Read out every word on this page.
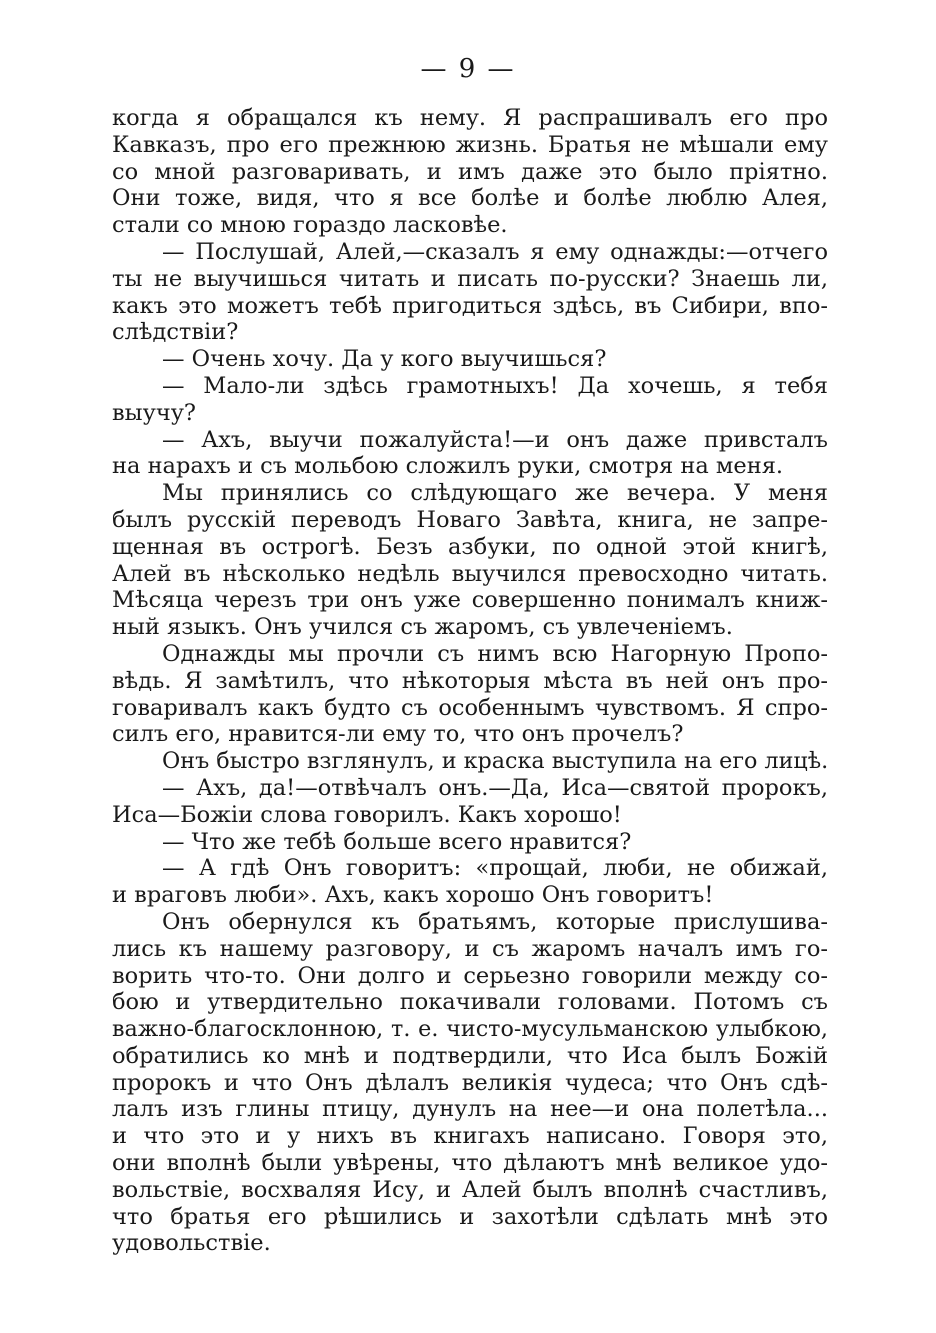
— 9 —
когда я обращался къ нему. Я распрашивалъ его про
Кавказъ, про его прежнюю жизнь. Братья не мѣшали ему
со мной разговаривать, и имъ даже это было пріятно.
Они тоже, видя, что я все болѣе и болѣе люблю Алея,
стали со мною гораздо ласковѣе.
— Послушай, Алей,—сказалъ я ему однажды:—отчего
ты не выучишься читать и писать по-русски? Знаешь ли,
какъ это можетъ тебѣ пригодиться здѣсь, въ Сибири, впо-
слѣдствіи?
— Очень хочу. Да у кого выучишься?
— Мало-ли здѣсь грамотныхъ! Да хочешь, я тебя
выучу?
— Ахъ, выучи пожалуйста!—и онъ даже привсталъ
на нарахъ и съ мольбою сложилъ руки, смотря на меня.
Мы принялись со слѣдующаго же вечера. У меня
былъ русскій переводъ Новаго Завѣта, книга, не запре-
щенная въ острогѣ. Безъ азбуки, по одной этой книгѣ,
Алей въ нѣсколько недѣль выучился превосходно читать.
Мѣсяца черезъ три онъ уже совершенно понималъ книж-
ный языкъ. Онъ учился съ жаромъ, съ увлеченіемъ.
Однажды мы прочли съ нимъ всю Нагорную Пропо-
вѣдь. Я замѣтилъ, что нѣкоторыя мѣста въ ней онъ про-
говаривалъ какъ будто съ особеннымъ чувствомъ. Я спро-
силъ его, нравится-ли ему то, что онъ прочелъ?
Онъ быстро взглянулъ, и краска выступила на его лицѣ.
— Ахъ, да!—отвѣчалъ онъ.—Да, Иса—святой пророкъ,
Иса—Божіи слова говорилъ. Какъ хорошо!
— Что же тебѣ больше всего нравится?
— А гдѣ Онъ говоритъ: «прощай, люби, не обижай,
и враговъ люби». Ахъ, какъ хорошо Онъ говоритъ!
Онъ обернулся къ братьямъ, которые прислушива-
лись къ нашему разговору, и съ жаромъ началъ имъ го-
ворить что-то. Они долго и серьезно говорили между со-
бою и утвердительно покачивали головами. Потомъ съ
важно-благосклонною, т. е. чисто-мусульманскою улыбкою,
обратились ко мнѣ и подтвердили, что Иса былъ Божій
пророкъ и что Онъ дѣлалъ великія чудеса; что Онъ сдѣ-
лалъ изъ глины птицу, дунулъ на нее—и она полетѣла...
и что это и у нихъ въ книгахъ написано. Говоря это,
они вполнѣ были увѣрены, что дѣлаютъ мнѣ великое удо-
вольствіе, восхваляя Ису, и Алей былъ вполнѣ счастливъ,
что братья его рѣшились и захотѣли сдѣлать мнѣ это
удовольствіе.
